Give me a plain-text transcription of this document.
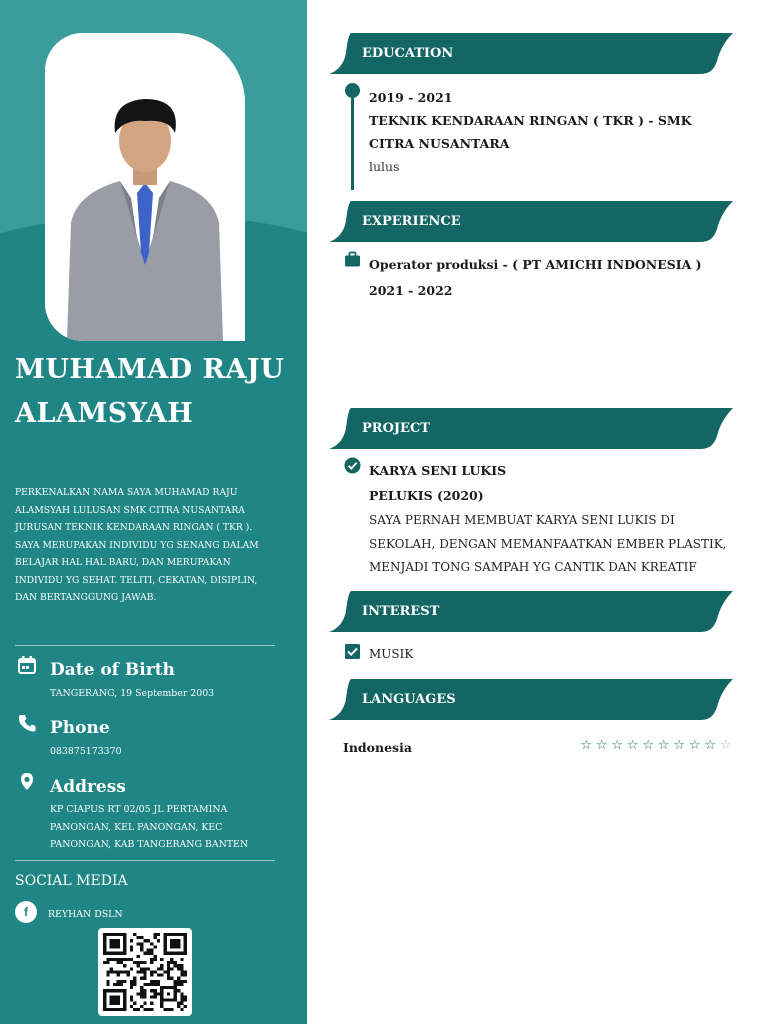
MUHAMAD RAJU
ALAMSYAH
PERKENALKAN NAMA SAYA MUHAMAD RAJU ALAMSYAH LULUSAN SMK CITRA NUSANTARA JURUSAN TEKNIK KENDARAAN RINGAN ( TKR ). SAYA MERUPAKAN INDIVIDU YG SENANG DALAM BELAJAR HAL HAL BARU, DAN MERUPAKAN INDIVIDU YG SEHAT. TELITI, CEKATAN, DISIPLIN, DAN BERTANGGUNG JAWAB.
Date of Birth
TANGERANG, 19 September 2003
Phone
083875173370
Address
KP CIAPUS RT 02/05 JL PERTAMINA PANONGAN, KEL PANONGAN, KEC PANONGAN, KAB TANGERANG BANTEN
SOCIAL MEDIA
f	REYHAN DSLN
EDUCATION
2019 - 2021
TEKNIK KENDARAAN RINGAN ( TKR ) - SMK CITRA NUSANTARA
lulus
EXPERIENCE
Operator produksi - ( PT AMICHI INDONESIA )
2021 - 2022
PROJECT
KARYA SENI LUKIS
PELUKIS (2020)
SAYA PERNAH MEMBUAT KARYA SENI LUKIS DI
SEKOLAH, DENGAN MEMANFAATKAN EMBER PLASTIK,
MENJADI TONG SAMPAH YG CANTIK DAN KREATIF
INTEREST
MUSIK
LANGUAGES
Indonesia	☆ ☆ ☆ ☆ ☆ ☆ ☆ ☆ ☆ ☆
